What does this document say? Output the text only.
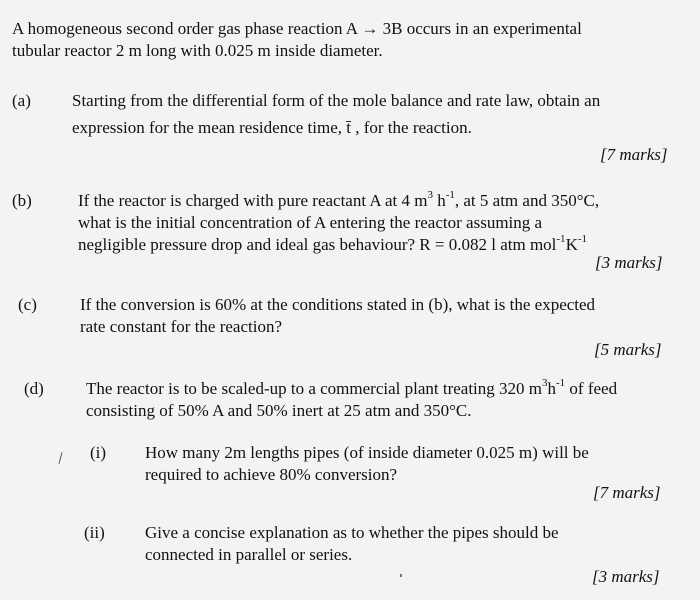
A homogeneous second order gas phase reaction A → 3B occurs in an experimental
tubular reactor 2 m long with 0.025 m inside diameter.
(a) Starting from the differential form of the mole balance and rate law, obtain an
expression for the mean residence time, t̄ , for the reaction.
[7 marks]
(b)	If the reactor is charged with pure reactant A at 4 $m^3$ $h^{-1}$, at 5 atm and 350°C,
what is the initial concentration of A entering the reactor assuming a
negligible pressure drop and ideal gas behaviour? R = 0.082 l atm $mol^{-1}K^{-1}$
[3 marks]
(c)	If the conversion is 60% at the conditions stated in (b), what is the expected
rate constant for the reaction?
[5 marks]
(d) The reactor is to be scaled-up to a commercial plant treating 320 $m^3h^{-1}$ of feed
consisting of 50% A and 50% inert at 25 atm and 350°C.
(i) How many 2m lengths pipes (of inside diameter 0.025 m) will be
required to achieve 80% conversion?
[7 marks]
(ii) Give a concise explanation as to whether the pipes should be
connected in parallel or series.
[3 marks]
